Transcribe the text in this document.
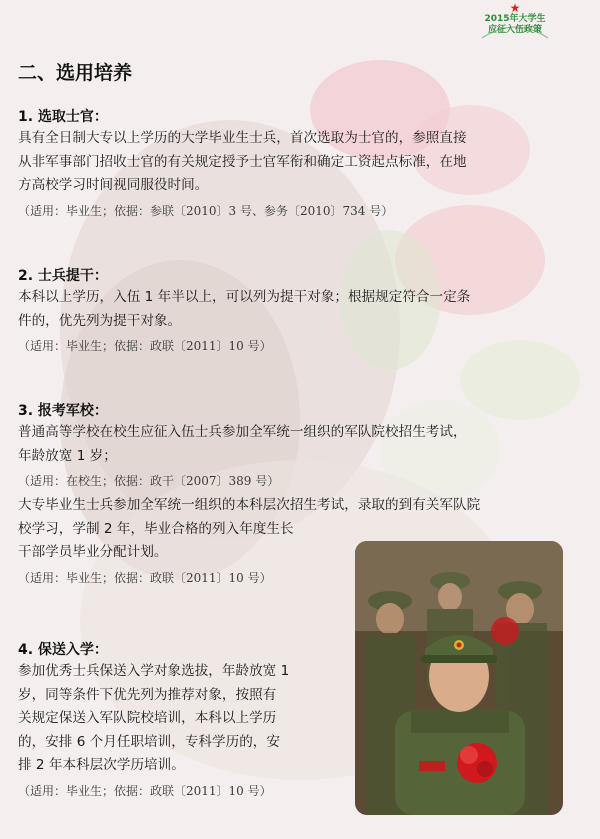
★
2015年大学生
应征入伍政策
二、选用培养
1. 选取士官：
具有全日制大专以上学历的大学毕业生士兵，首次选取为士官的，参照直接
从非军事部门招收士官的有关规定授予士官军衔和确定工资起点标准，在地
方高校学习时间视同服役时间。
（适用：毕业生；依据：参联〔2010〕3 号、参务〔2010〕734 号）
2. 士兵提干：
本科以上学历，入伍 1 年半以上，可以列为提干对象；根据规定符合一定条
件的，优先列为提干对象。
（适用：毕业生；依据：政联〔2011〕10 号）
3. 报考军校：
普通高等学校在校生应征入伍士兵参加全军统一组织的军队院校招生考试，
年龄放宽 1 岁；
（适用：在校生；依据：政干〔2007〕389 号）
大专毕业生士兵参加全军统一组织的本科层次招生考试，录取的到有关军队院
校学习，学制 2 年，毕业合格的列入年度生长
干部学员毕业分配计划。
（适用：毕业生；依据：政联〔2011〕10 号）
4. 保送入学：
参加优秀士兵保送入学对象选拔，年龄放宽 1
岁，同等条件下优先列为推荐对象，按照有
关规定保送入军队院校培训，本科以上学历
的，安排 6 个月任职培训，专科学历的，安
排 2 年本科层次学历培训。
（适用：毕业生；依据：政联〔2011〕10 号）
